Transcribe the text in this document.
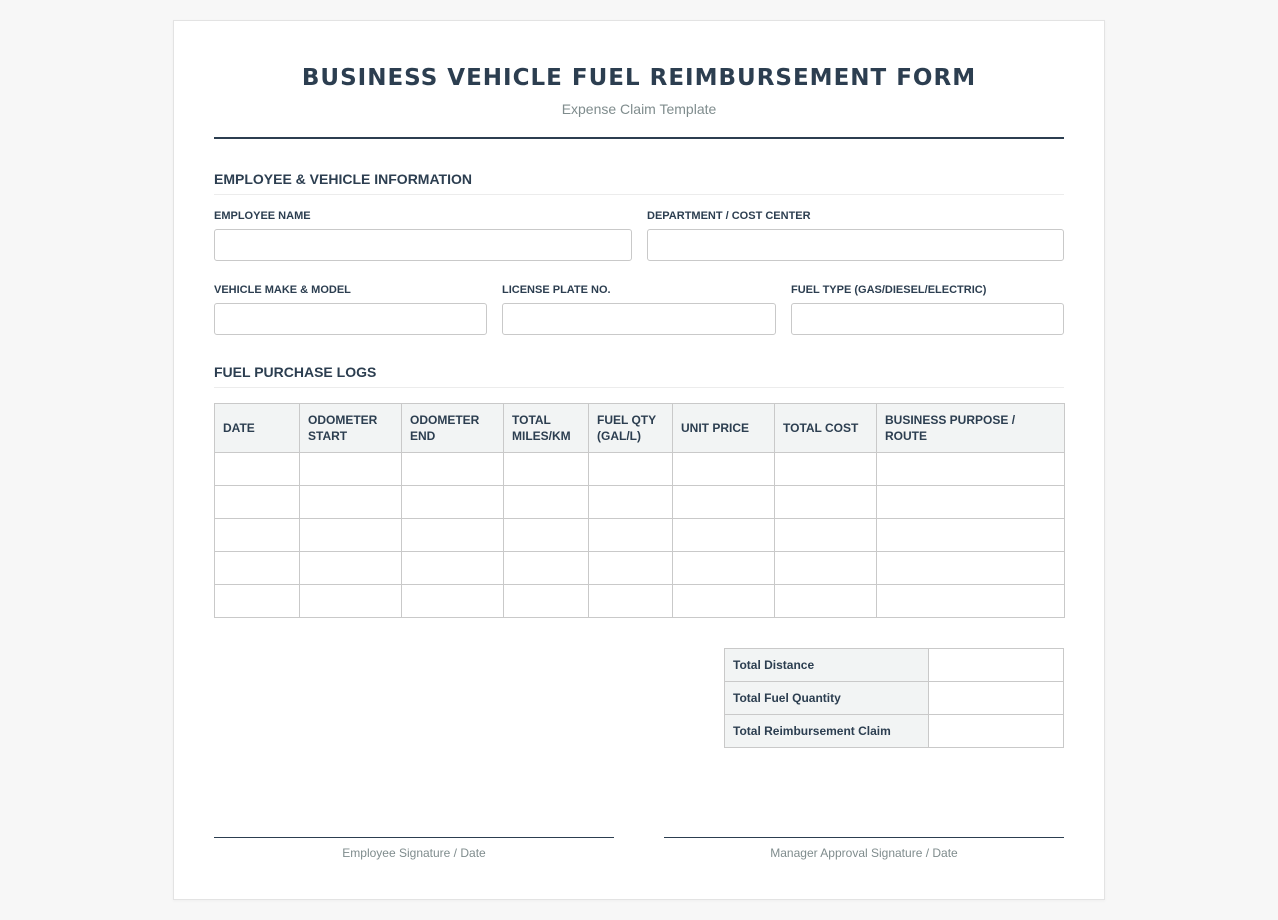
BUSINESS VEHICLE FUEL REIMBURSEMENT FORM
Expense Claim Template
EMPLOYEE & VEHICLE INFORMATION
EMPLOYEE NAME	DEPARTMENT / COST CENTER
VEHICLE MAKE & MODEL	LICENSE PLATE NO.	FUEL TYPE (GAS/DIESEL/ELECTRIC)
FUEL PURCHASE LOGS
DATE	ODOMETER START	ODOMETER END	TOTAL MILES/KM	FUEL QTY (GAL/L)	UNIT PRICE	TOTAL COST	BUSINESS PURPOSE / ROUTE

Total Distance	
Total Fuel Quantity	
Total Reimbursement Claim	
Employee Signature / Date	Manager Approval Signature / Date
